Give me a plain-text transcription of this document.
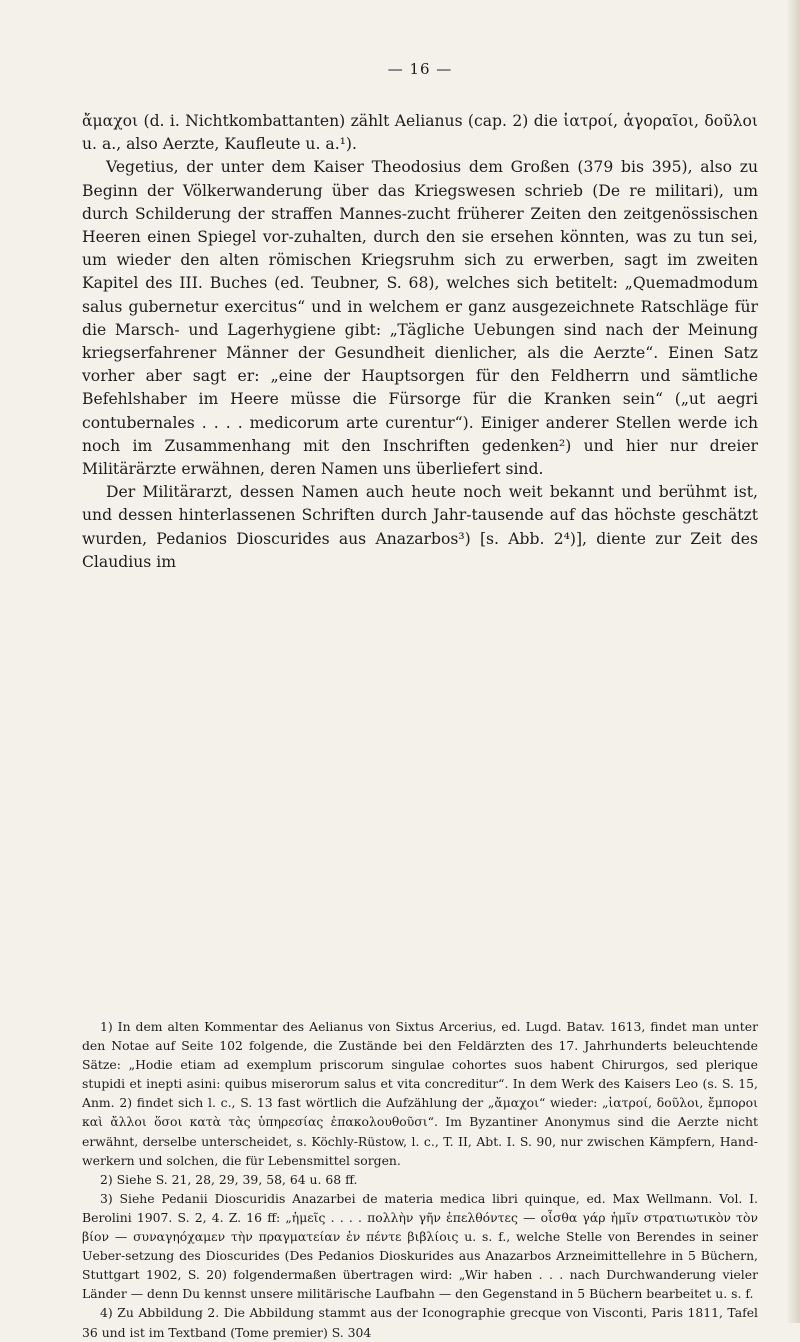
— 16 —

ἄμαχοι (d. i. Nichtkombattanten) zählt Aelianus (cap. 2) die ἰατροί, ἀγοραῖοι, δοῦλοι u. a., also Aerzte, Kaufleute u. a.¹).

Vegetius, der unter dem Kaiser Theodosius dem Großen (379 bis 395), also zu Beginn der Völkerwanderung über das Kriegswesen schrieb (De re militari), um durch Schilderung der straffen Mannes-zucht früherer Zeiten den zeitgenössischen Heeren einen Spiegel vor-zuhalten, durch den sie ersehen könnten, was zu tun sei, um wieder den alten römischen Kriegsruhm sich zu erwerben, sagt im zweiten Kapitel des III. Buches (ed. Teubner, S. 68), welches sich betitelt: „Quemadmodum salus gubernetur exercitus“ und in welchem er ganz ausgezeichnete Ratschläge für die Marsch- und Lagerhygiene gibt: „Tägliche Uebungen sind nach der Meinung kriegserfahrener Männer der Gesundheit dienlicher, als die Aerzte“. Einen Satz vorher aber sagt er: „eine der Hauptsorgen für den Feldherrn und sämtliche Befehlshaber im Heere müsse die Fürsorge für die Kranken sein“ („ut aegri contubernales . . . . medicorum arte curentur“). Einiger anderer Stellen werde ich noch im Zusammenhang mit den Inschriften gedenken²) und hier nur dreier Militärärzte erwähnen, deren Namen uns überliefert sind.

Der Militärarzt, dessen Namen auch heute noch weit bekannt und berühmt ist, und dessen hinterlassenen Schriften durch Jahr-tausende auf das höchste geschätzt wurden, Pedanios Dioscurides aus Anazarbos³) [s. Abb. 2⁴)], diente zur Zeit des Claudius im

1) In dem alten Kommentar des Aelianus von Sixtus Arcerius, ed. Lugd. Batav. 1613, findet man unter den Notae auf Seite 102 folgende, die Zustände bei den Feldärzten des 17. Jahrhunderts beleuchtende Sätze: „Hodie etiam ad exemplum priscorum singulae cohortes suos habent Chirurgos, sed plerique stupidi et inepti asini: quibus miserorum salus et vita concreditur“. In dem Werk des Kaisers Leo (s. S. 15, Anm. 2) findet sich l. c., S. 13 fast wörtlich die Aufzählung der „ἄμαχοι“ wieder: „ἰατροί, δοῦλοι, ἔμποροι καὶ ἄλλοι ὅσοι κατὰ τὰς ὑπηρεσίας ἐπακολουθοῦσι“. Im Byzantiner Anonymus sind die Aerzte nicht erwähnt, derselbe unterscheidet, s. Köchly-Rüstow, l. c., T. II, Abt. I. S. 90, nur zwischen Kämpfern, Hand-werkern und solchen, die für Lebensmittel sorgen.

2) Siehe S. 21, 28, 29, 39, 58, 64 u. 68 ff.

3) Siehe Pedanii Dioscuridis Anazarbei de materia medica libri quinque, ed. Max Wellmann. Vol. I. Berolini 1907. S. 2, 4. Z. 16 ff: „ἡμεῖς . . . . πολλὴν γῆν ἐπελθόντες — οἶσθα γάρ ἡμῖν στρατιωτικὸν τὸν βίον — συναγηόχαμεν τὴν πραγματείαν ἐν πέντε βιβλίοις u. s. f., welche Stelle von Berendes in seiner Ueber-setzung des Dioscurides (Des Pedanios Dioskurides aus Anazarbos Arzneimittellehre in 5 Büchern, Stuttgart 1902, S. 20) folgendermaßen übertragen wird: „Wir haben . . . nach Durchwanderung vieler Länder — denn Du kennst unsere militärische Laufbahn — den Gegenstand in 5 Büchern bearbeitet u. s. f.

4) Zu Abbildung 2. Die Abbildung stammt aus der Iconographie grecque von Visconti, Paris 1811, Tafel 36 und ist im Textband (Tome premier) S. 304
